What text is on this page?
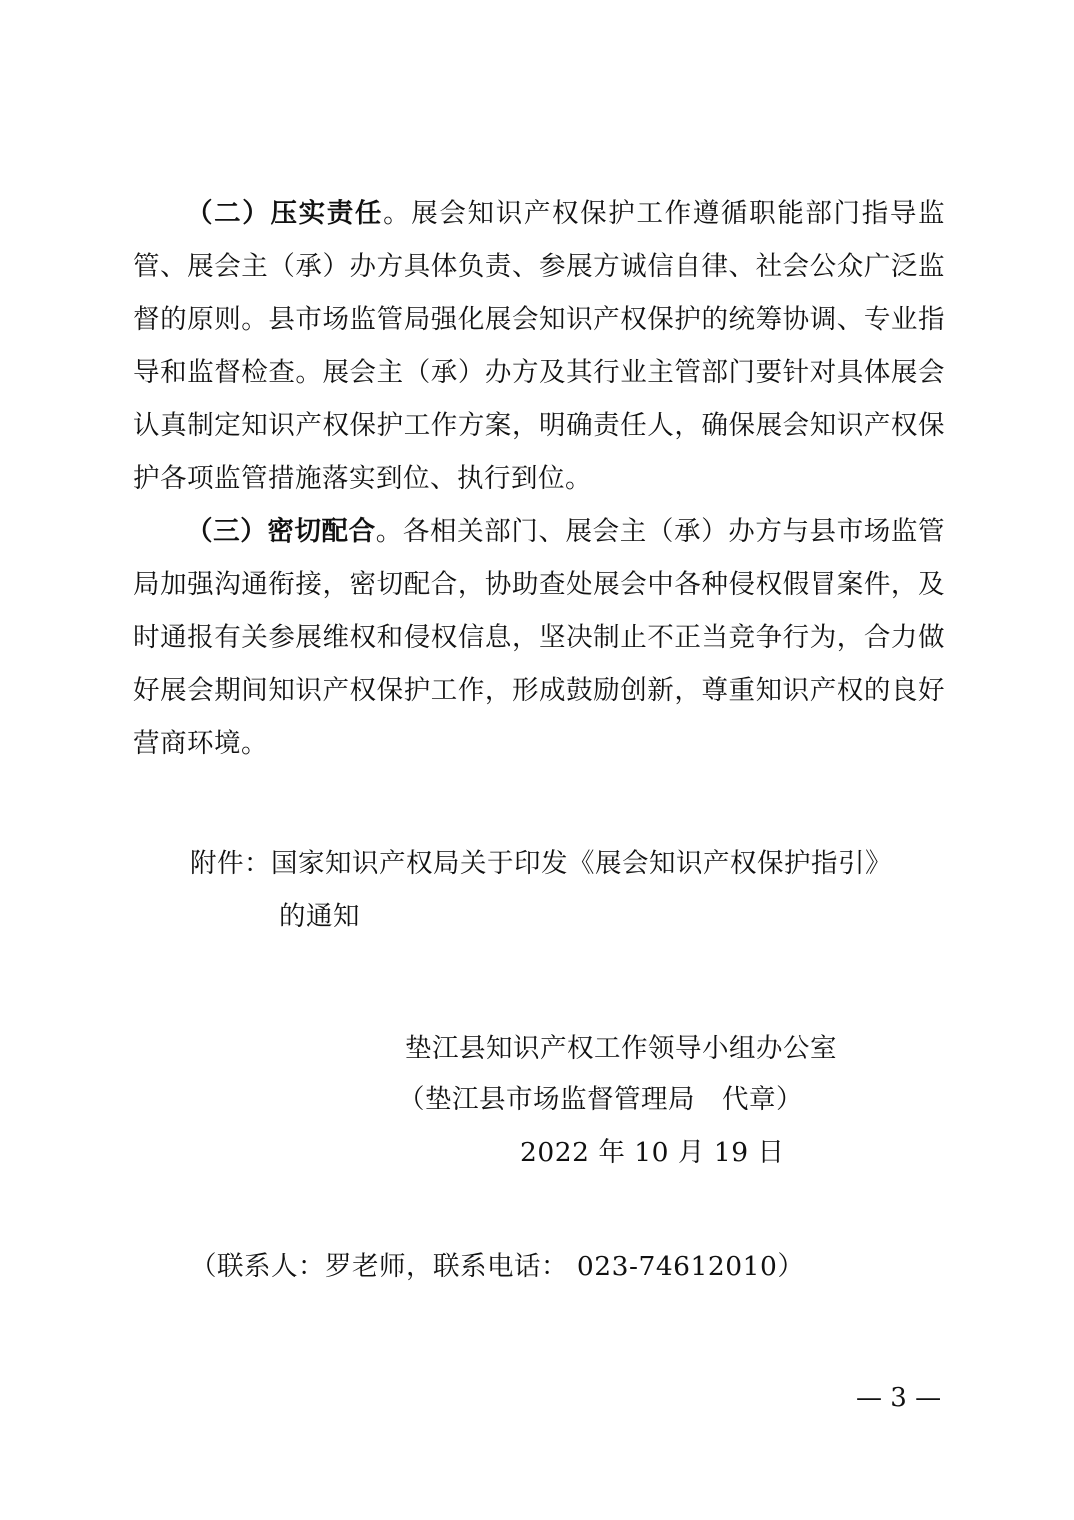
（二）压实责任。展会知识产权保护工作遵循职能部门指导监管、展会主（承）办方具体负责、参展方诚信自律、社会公众广泛监督的原则。县市场监管局强化展会知识产权保护的统筹协调、专业指导和监督检查。展会主（承）办方及其行业主管部门要针对具体展会认真制定知识产权保护工作方案，明确责任人，确保展会知识产权保护各项监管措施落实到位、执行到位。

（三）密切配合。各相关部门、展会主（承）办方与县市场监管局加强沟通衔接，密切配合，协助查处展会中各种侵权假冒案件，及时通报有关参展维权和侵权信息，坚决制止不正当竞争行为，合力做好展会期间知识产权保护工作，形成鼓励创新，尊重知识产权的良好营商环境。

附件： 国家知识产权局关于印发《展会知识产权保护指引》
的通知
垫江县知识产权工作领导小组办公室
（垫江县市场监督管理局　代章）
2022 年 10 月 19 日
（联系人：罗老师，联系电话： 023-74612010）
— 3 —
